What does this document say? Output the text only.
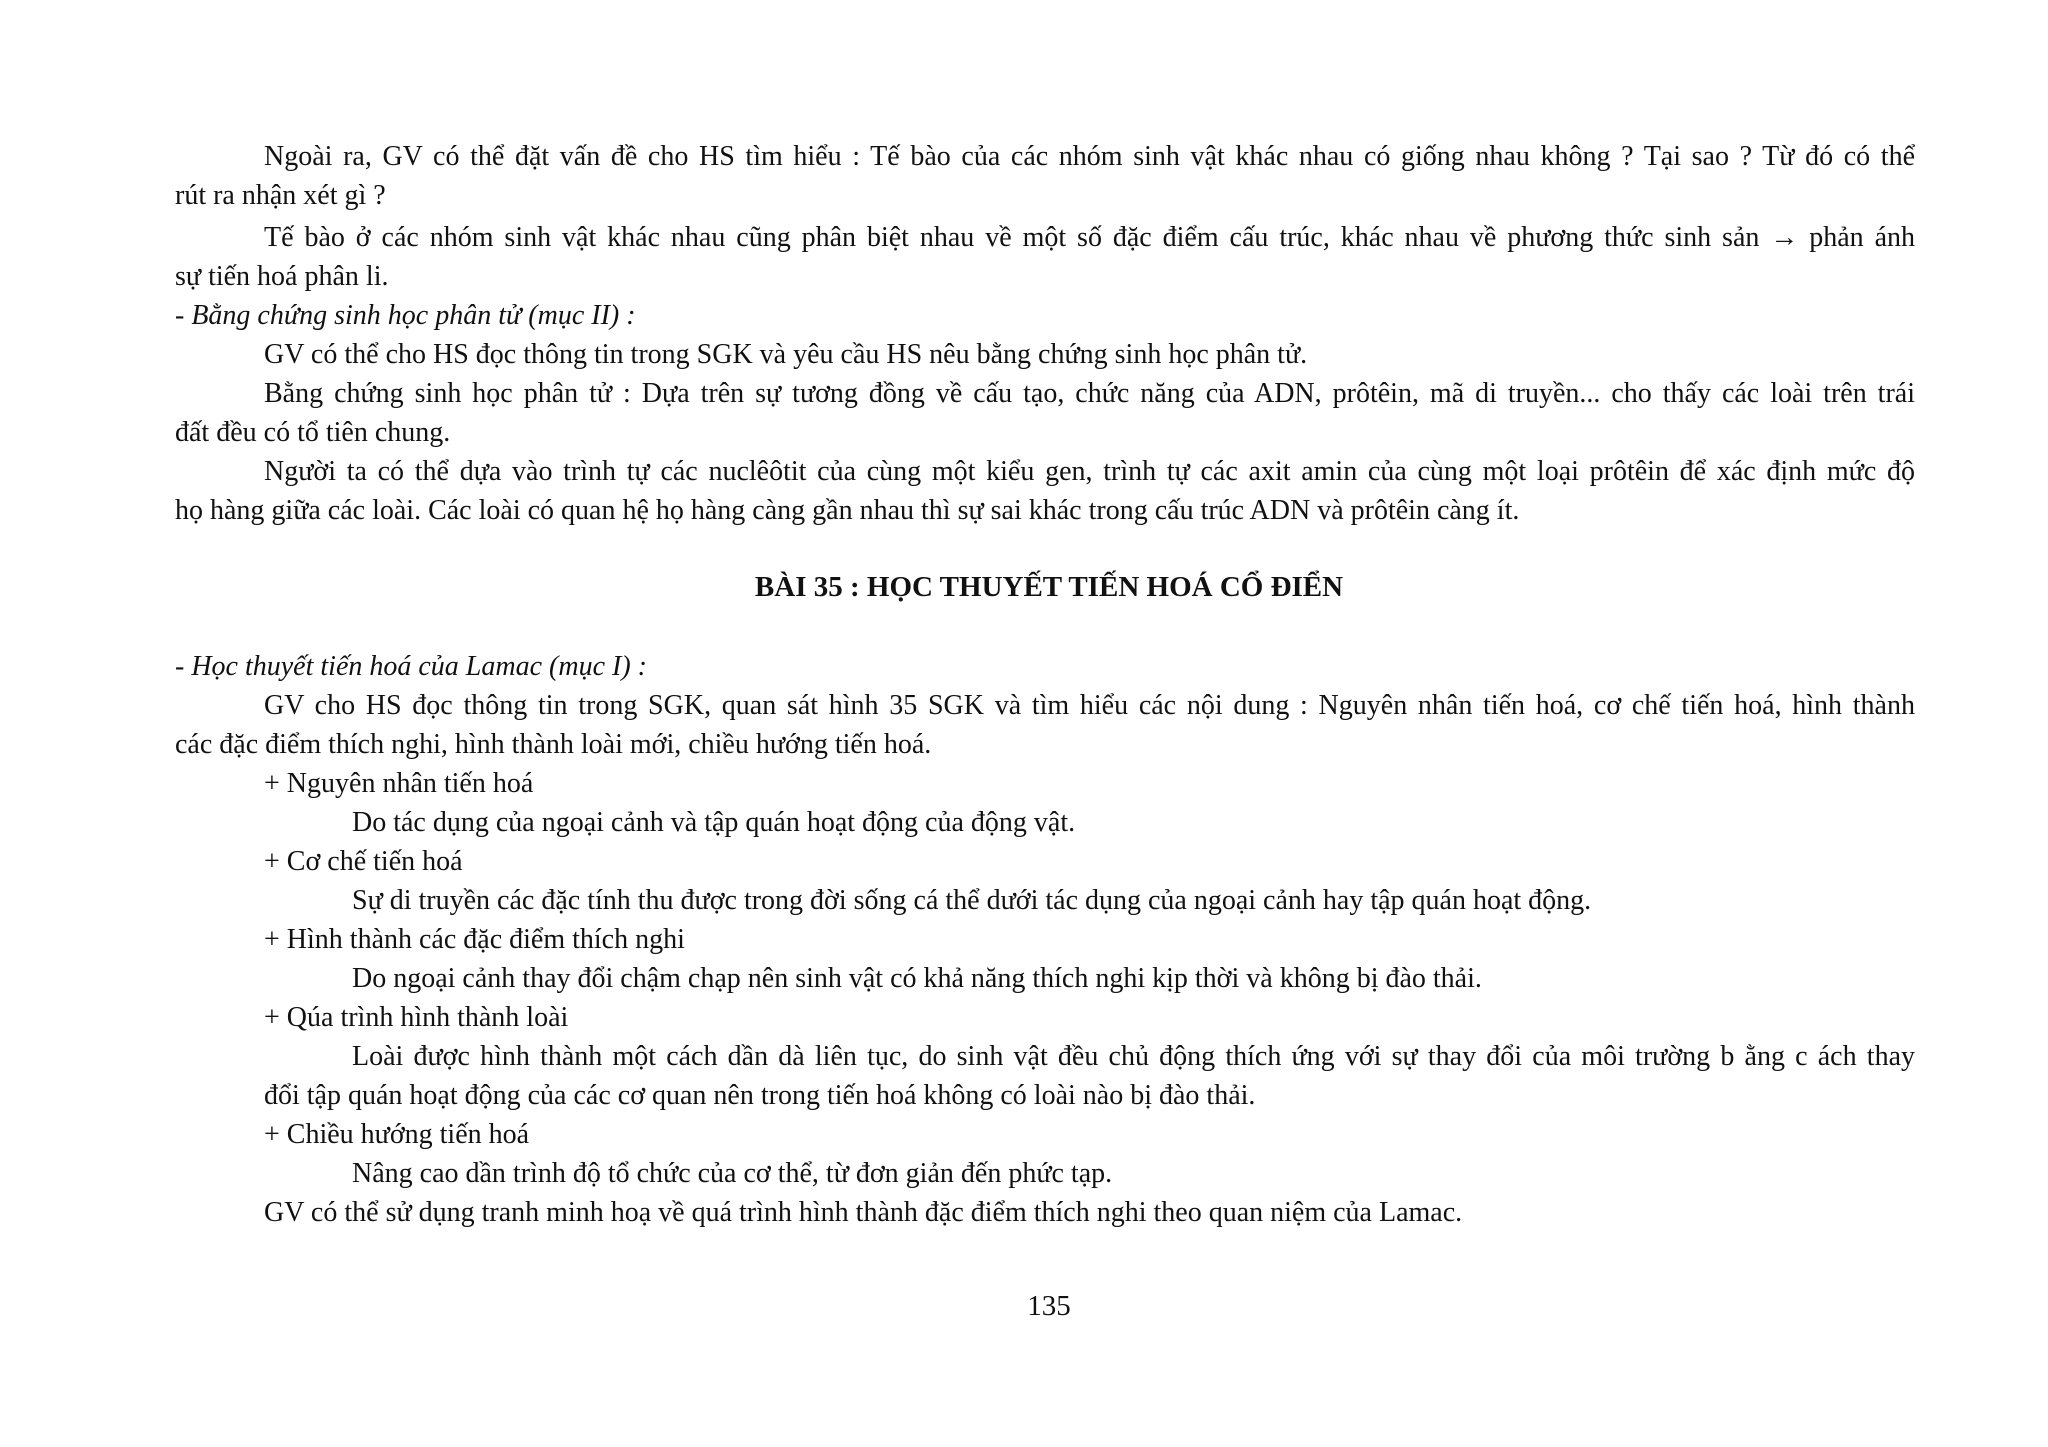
Ngoài ra, GV có thể đặt vấn đề cho HS tìm hiểu : Tế bào của các nhóm sinh vật khác nhau có giống nhau không ? Tại sao ? Từ đó có thể
rút ra nhận xét gì ?
Tế bào ở các nhóm sinh vật khác nhau cũng phân biệt nhau về một số đặc điểm cấu trúc, khác nhau về phương thức sinh sản → phản ánh
sự tiến hoá phân li.
- Bằng chứng sinh học phân tử (mục II) :
GV có thể cho HS đọc thông tin trong SGK và yêu cầu HS nêu bằng chứng sinh học phân tử.
Bằng chứng sinh học phân tử : Dựa trên sự tương đồng về cấu tạo, chức năng của ADN, prôtêin, mã di truyền... cho thấy các loài trên trái
đất đều có tổ tiên chung.
Người ta có thể dựa vào trình tự các nuclêôtit của cùng một kiểu gen, trình tự các axit amin của cùng một loại prôtêin để xác định mức độ
họ hàng giữa các loài. Các loài có quan hệ họ hàng càng gần nhau thì sự sai khác trong cấu trúc ADN và prôtêin càng ít.
BÀI 35 : HỌC THUYẾT TIẾN HOÁ CỔ ĐIỂN
- Học thuyết tiến hoá của Lamac (mục I) :
GV cho HS đọc thông tin trong SGK, quan sát hình 35 SGK và tìm hiểu các nội dung : Nguyên nhân tiến hoá, cơ chế tiến hoá, hình thành
các đặc điểm thích nghi, hình thành loài mới, chiều hướng tiến hoá.
+ Nguyên nhân tiến hoá
Do tác dụng của ngoại cảnh và tập quán hoạt động của động vật.
+ Cơ chế tiến hoá
Sự di truyền các đặc tính thu được trong đời sống cá thể dưới tác dụng của ngoại cảnh hay tập quán hoạt động.
+ Hình thành các đặc điểm thích nghi
Do ngoại cảnh thay đổi chậm chạp nên sinh vật có khả năng thích nghi kịp thời và không bị đào thải.
+ Qúa trình hình thành loài
Loài được hình thành một cách dần dà liên tục, do sinh vật đều chủ động thích ứng với sự thay đổi của môi trường b ằng c ách thay
đổi tập quán hoạt động của các cơ quan nên trong tiến hoá không có loài nào bị đào thải.
+ Chiều hướng tiến hoá
Nâng cao dần trình độ tổ chức của cơ thể, từ đơn giản đến phức tạp.
GV có thể sử dụng tranh minh hoạ về quá trình hình thành đặc điểm thích nghi theo quan niệm của Lamac.
135
